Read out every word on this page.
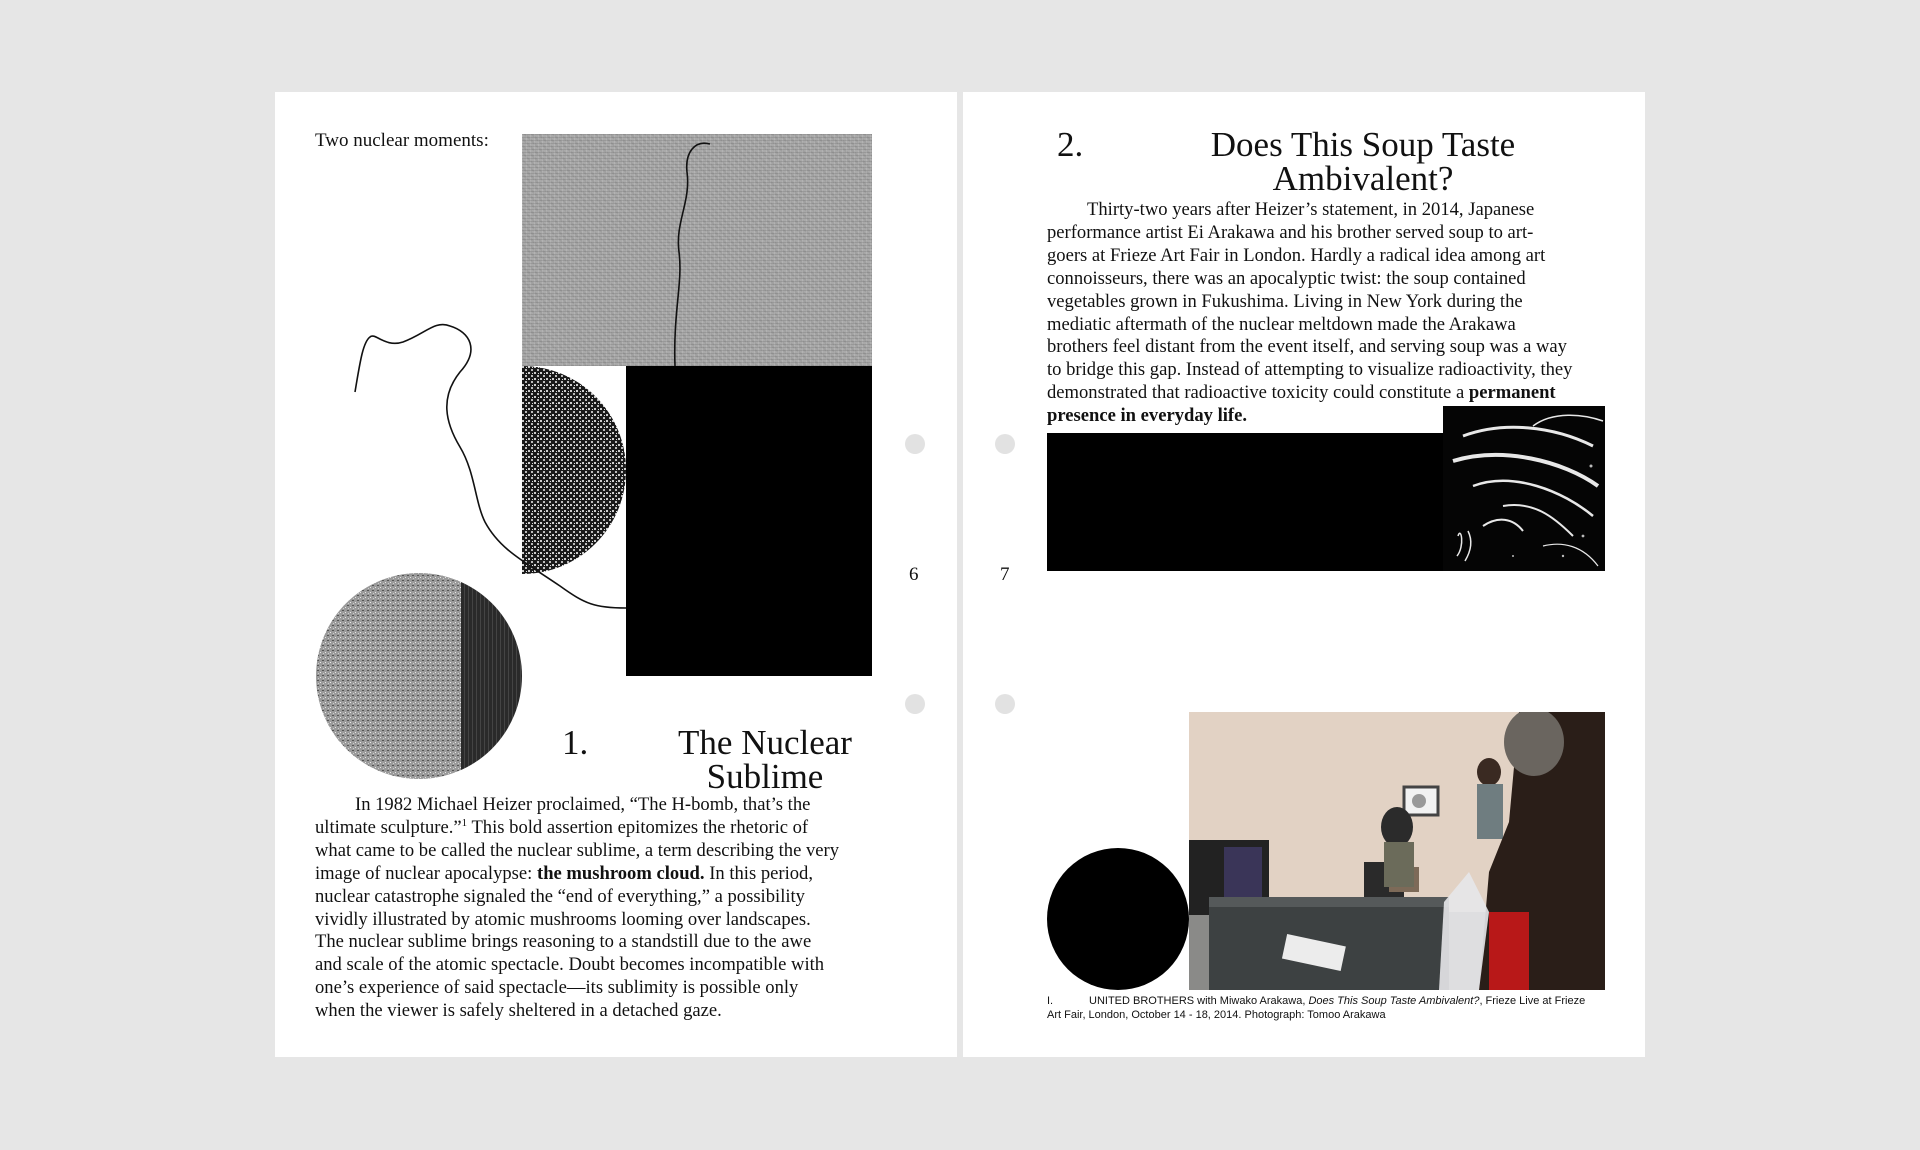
Two nuclear moments:
1.	The Nuclear
Sublime
In 1982 Michael Heizer proclaimed, “The H-bomb, that’s the
ultimate sculpture.”$^1$ This bold assertion epitomizes the rhetoric of
what came to be called the nuclear sublime, a term describing the very
image of nuclear apocalypse: the mushroom cloud. In this period,
nuclear catastrophe signaled the “end of everything,” a possibility
vividly illustrated by atomic mushrooms looming over landscapes.
The nuclear sublime brings reasoning to a standstill due to the awe
and scale of the atomic spectacle. Doubt becomes incompatible with
one’s experience of said spectacle—its sublimity is possible only
when the viewer is safely sheltered in a detached gaze.
6	7
2.	Does This Soup Taste
Ambivalent?
Thirty-two years after Heizer’s statement, in 2014, Japanese
performance artist Ei Arakawa and his brother served soup to art-
goers at Frieze Art Fair in London. Hardly a radical idea among art
connoisseurs, there was an apocalyptic twist: the soup contained
vegetables grown in Fukushima. Living in New York during the
mediatic aftermath of the nuclear meltdown made the Arakawa
brothers feel distant from the event itself, and serving soup was a way
to bridge this gap. Instead of attempting to visualize radioactivity, they
demonstrated that radioactive toxicity could constitute a permanent
presence in everyday life.
I.	UNITED BROTHERS with Miwako Arakawa, Does This Soup Taste Ambivalent?, Frieze Live at Frieze
Art Fair, London, October 14 - 18, 2014. Photograph: Tomoo Arakawa
